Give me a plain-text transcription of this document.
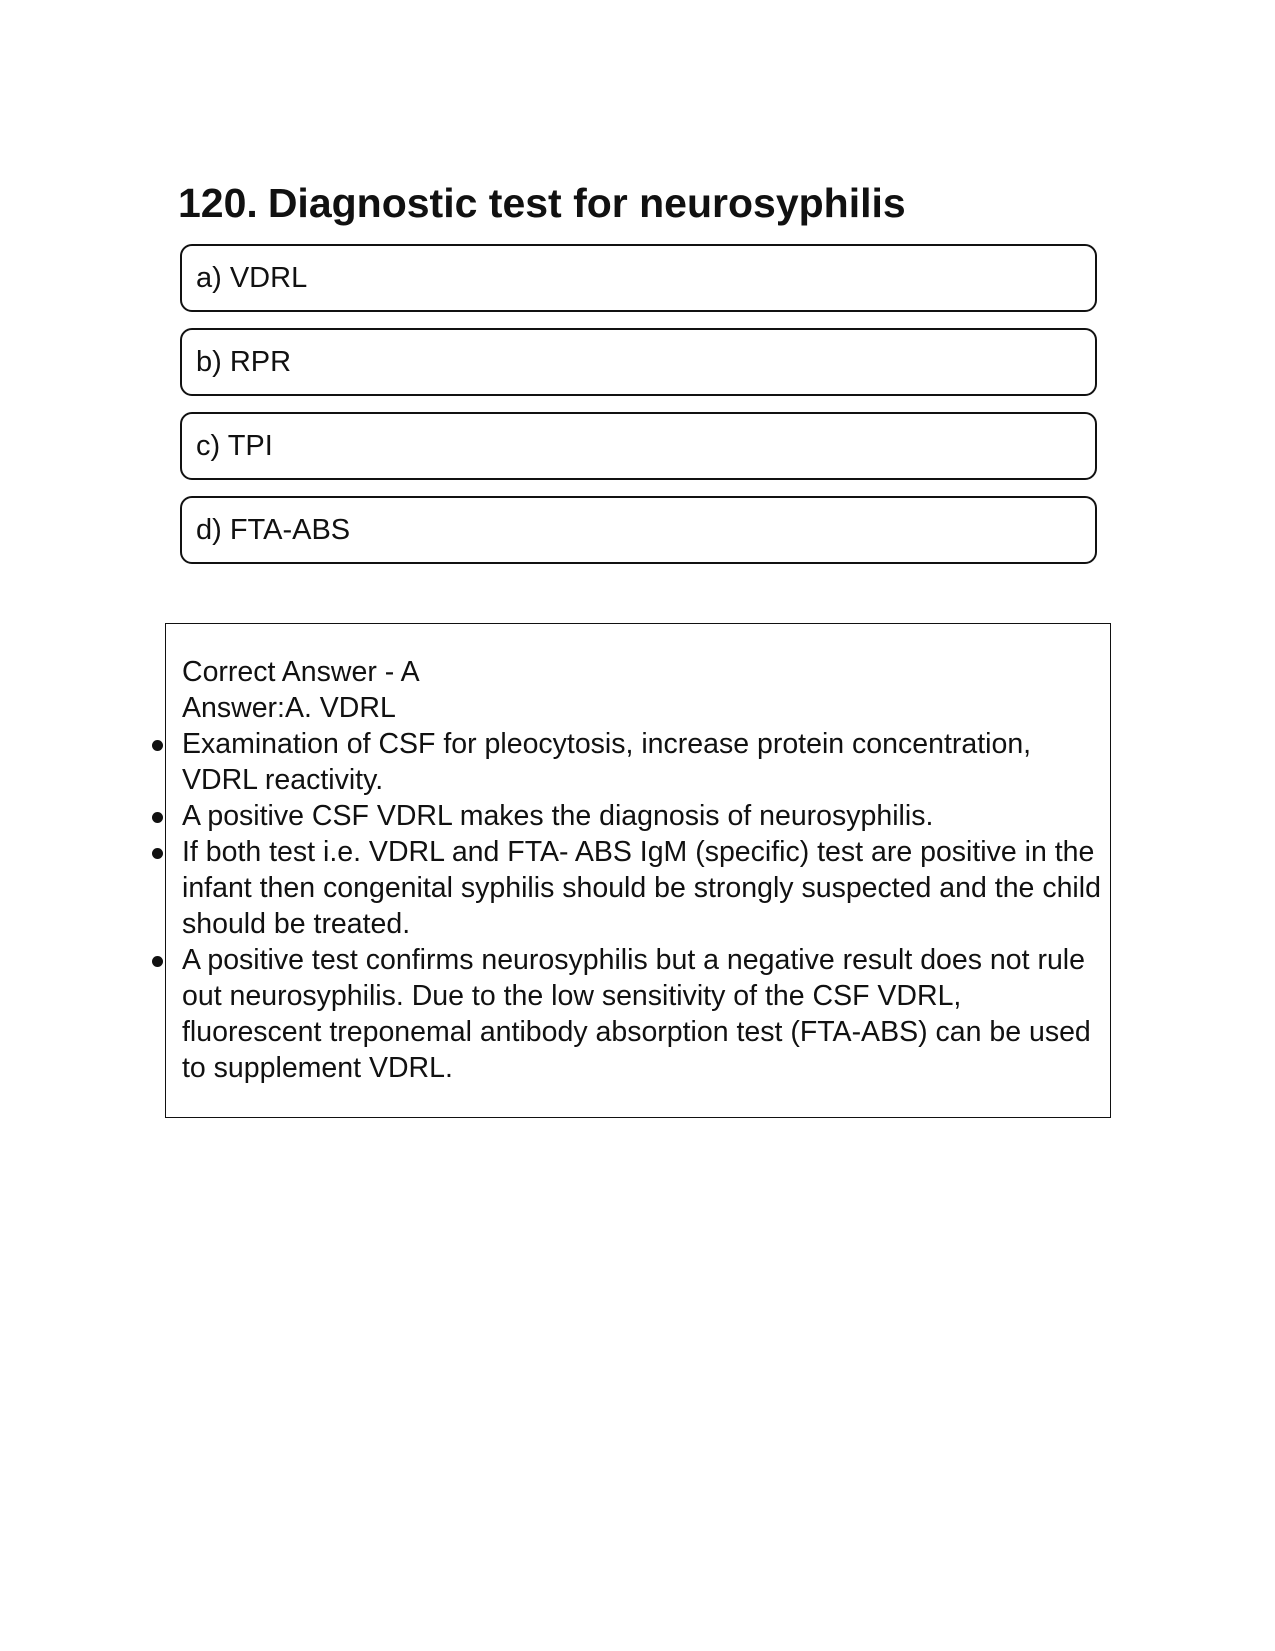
120. Diagnostic test for neurosyphilis
a) VDRL
b) RPR
c) TPI
d) FTA-ABS

Correct Answer - A

Answer:A. VDRL

Examination of CSF for pleocytosis, increase protein concentration, VDRL reactivity.
A positive CSF VDRL makes the diagnosis of neurosyphilis.
If both test i.e. VDRL and FTA- ABS IgM (specific) test are positive in the infant then congenital syphilis should be strongly suspected and the child should be treated.
A positive test confirms neurosyphilis but a negative result does not rule out neurosyphilis. Due to the low sensitivity of the CSF VDRL, fluorescent treponemal antibody absorption test (FTA-ABS) can be used to supplement VDRL.
